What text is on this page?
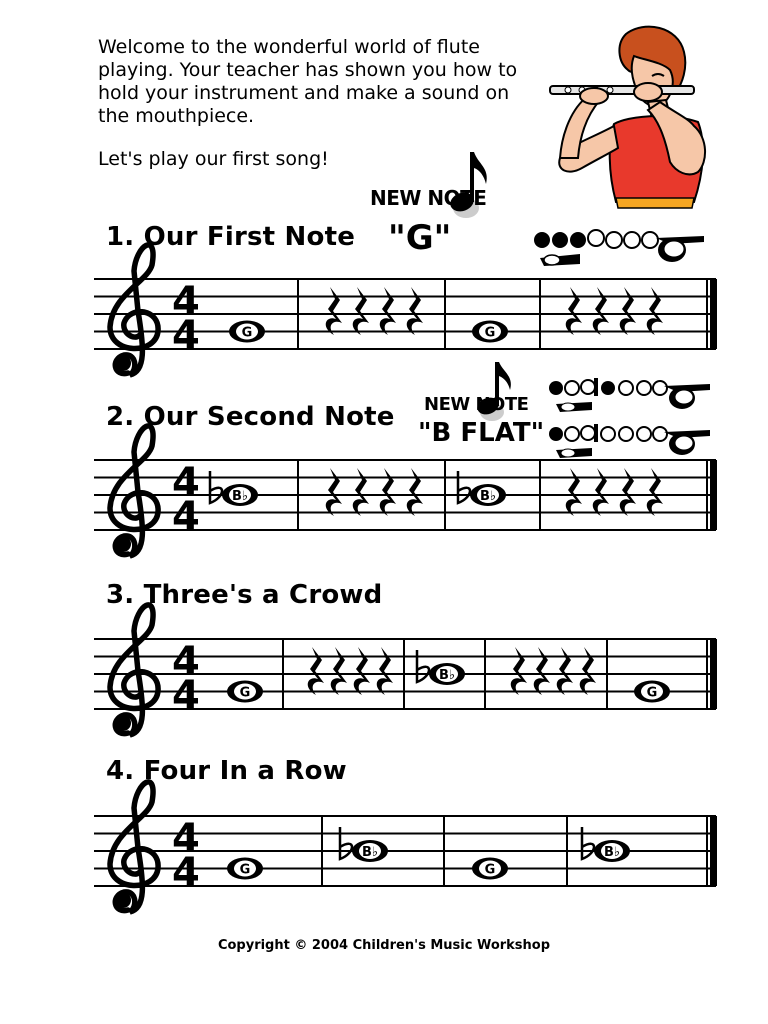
Welcome to the wonderful world of flute playing. Your teacher has shown you how to hold your instrument and make a sound on the mouthpiece.

Let's play our first song!

NEW NOTE
"G"
NEW NOTE
"B FLAT"
1. Our First Note
2. Our Second Note
3. Three's a Crowd
4. Four In a Row
4
4	G	G
4
4 B♭	B♭
4
4	G
B♭
G
4
4	G
B♭
G
B♭
Copyright © 2004 Children's Music Workshop
